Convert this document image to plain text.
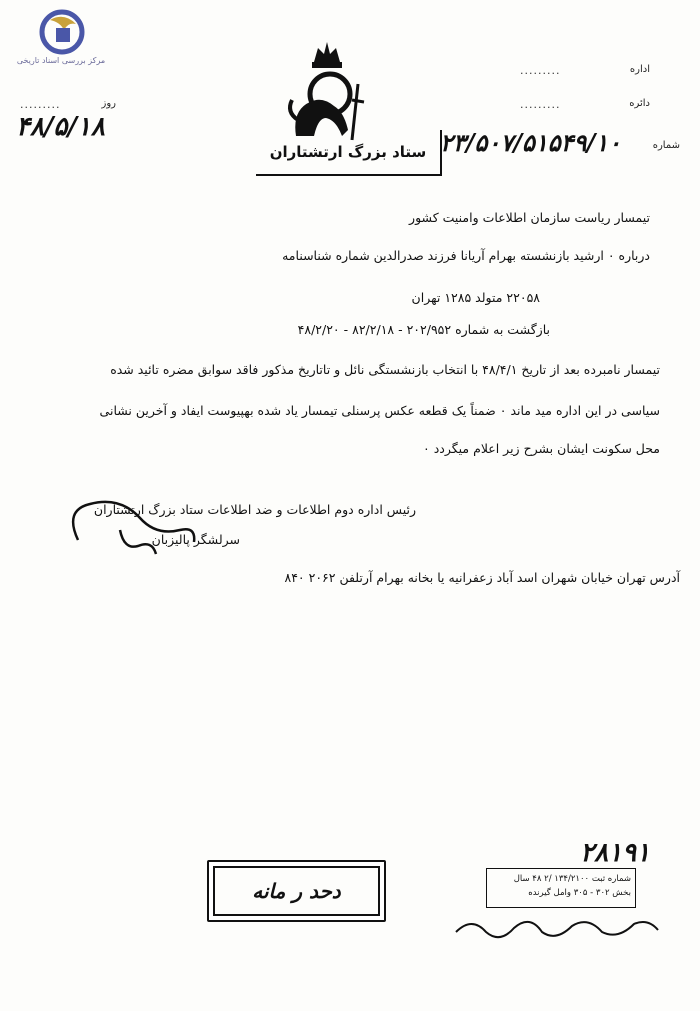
مرکز بررسی اسناد تاریخی
اداره
.........
دائره
.........
روز
.........
۴۸/۵/۱۸
ستاد بزرگ ارتشتاران	شماره
۲۳/۵۰۷/۵۱۵۴۹/۱۰
تیمسار ریاست سازمان اطلاعات وامنیت کشور
درباره ۰ ارشید بازنشسته بهرام آریانا فرزند صدرالدین شماره شناسنامه
۲۲۰۵۸ متولد ۱۲۸۵ تهران
بازگشت به شماره ۲۰۲/۹۵۲ - ۸۲/۲/۱۸ - ۴۸/۲/۲۰
تیمسار نامبرده بعد از تاریخ ۴۸/۴/۱ با انتخاب بازنشستگی نائل و تاتاریخ مذکور فاقد سوابق مضره تائید شده
سیاسی در این اداره مید ماند ۰ ضمناً یک قطعه عکس پرسنلی تیمسار یاد شده بهپیوست ایفاد و آخرین نشانی
محل سکونت ایشان بشرح زیر اعلام میگردد ۰
رئیس اداره دوم اطلاعات و ضد اطلاعات ستاد بزرگ ارتشتاران
سرلشگر پالیزبان
آدرس تهران خیابان شهران اسد آباد زعفرانیه یا بخانه بهرام آرتلفن ۲۰۶۲ ۸۴۰
۲۸۱۹۱
دحد ر مانه	شماره ثبت ۱۳۴/۲۱۰۰ /۲ ۴۸ سال
بخش ۳۰۲ - ۳۰۵ وامل گیرنده
